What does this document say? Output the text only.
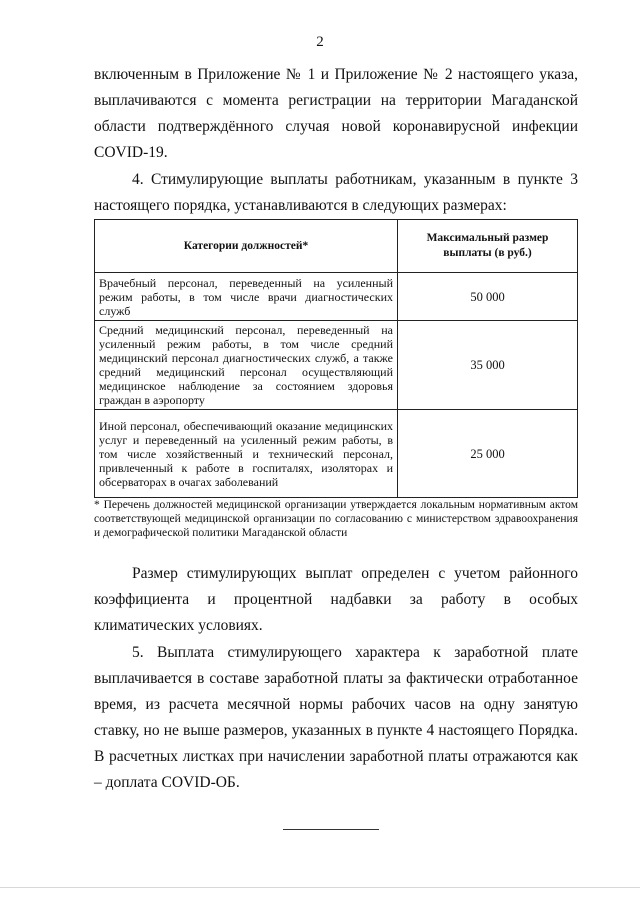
2

включенным в Приложение № 1 и Приложение № 2 настоящего указа, выплачиваются с момента регистрации на территории Магаданской области подтверждённого случая новой коронавирусной инфекции COVID-19.

4. Стимулирующие выплаты работникам, указанным в пункте 3 настоящего порядка, устанавливаются в следующих размерах:

Категории должностей*	Максимальный размер выплаты (в руб.)
Врачебный персонал, переведенный на усиленный режим работы, в том числе врачи диагностических служб	50 000
Средний медицинский персонал, переведенный на усиленный режим работы, в том числе средний медицинский персонал диагностических служб, а также средний медицинский персонал осуществляющий медицинское наблюдение за состоянием здоровья граждан в аэропорту	35 000
Иной персонал, обеспечивающий оказание медицинских услуг и переведенный на усиленный режим работы, в том числе хозяйственный и технический персонал, привлеченный к работе в госпиталях, изоляторах и обсерваторах в очагах заболеваний	25 000

* Перечень должностей медицинской организации утверждается локальным нормативным актом соответствующей медицинской организации по согласованию с министерством здравоохранения и демографической политики Магаданской области

Размер стимулирующих выплат определен с учетом районного коэффициента и процентной надбавки за работу в особых климатических условиях.

5. Выплата стимулирующего характера к заработной плате выплачивается в составе заработной платы за фактически отработанное время, из расчета месячной нормы рабочих часов на одну занятую ставку, но не выше размеров, указанных в пункте 4 настоящего Порядка. В расчетных листках при начислении заработной платы отражаются как – доплата COVID-ОБ.
